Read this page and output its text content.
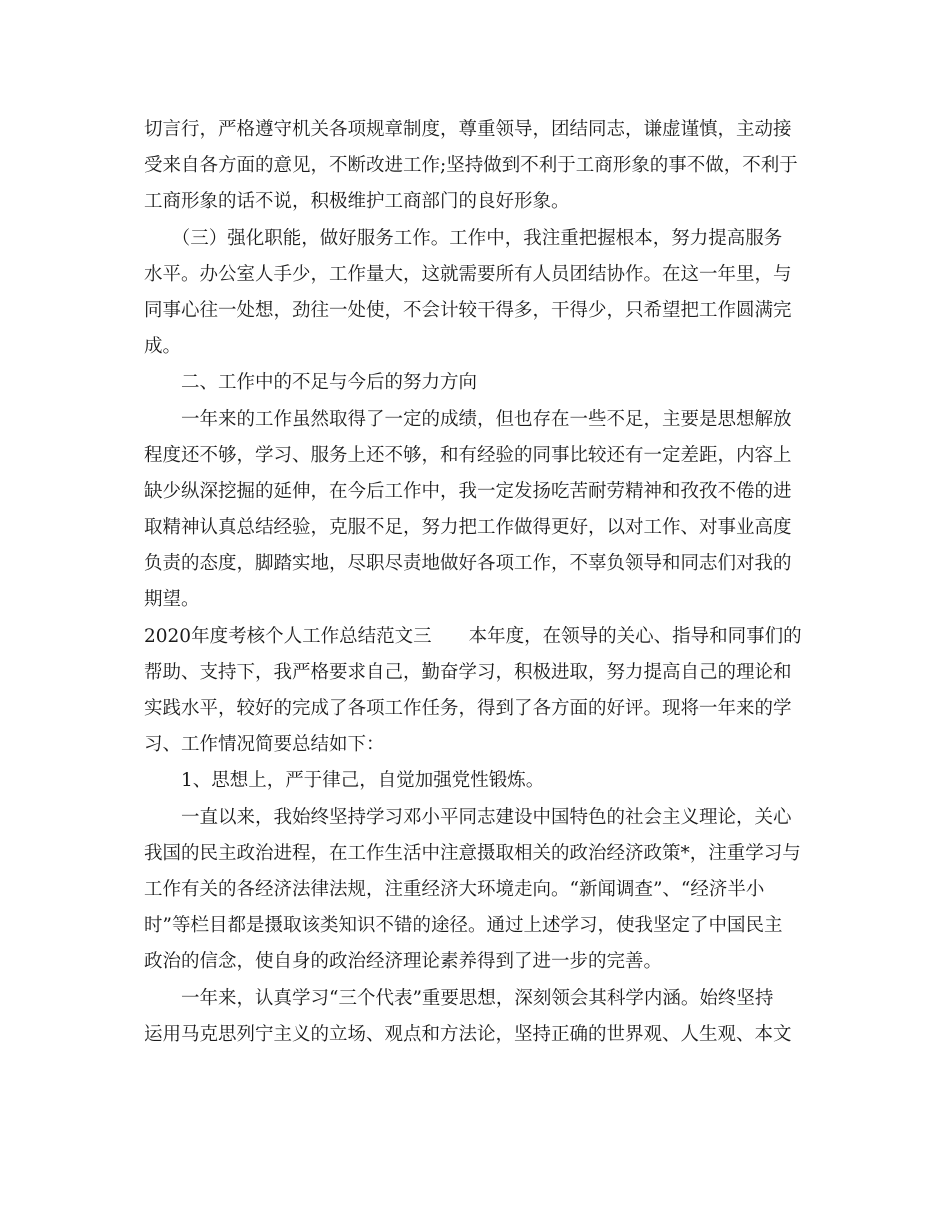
切言行，严格遵守机关各项规章制度，尊重领导，团结同志，谦虚谨慎，主动接
受来自各方面的意见，不断改进工作;坚持做到不利于工商形象的事不做，不利于
工商形象的话不说，积极维护工商部门的良好形象。
　　（三）强化职能，做好服务工作。工作中，我注重把握根本，努力提高服务
水平。办公室人手少，工作量大，这就需要所有人员团结协作。在这一年里，与
同事心往一处想，劲往一处使，不会计较干得多，干得少，只希望把工作圆满完
成。
　　二、工作中的不足与今后的努力方向
　　一年来的工作虽然取得了一定的成绩，但也存在一些不足，主要是思想解放
程度还不够，学习、服务上还不够，和有经验的同事比较还有一定差距，内容上
缺少纵深挖掘的延伸，在今后工作中，我一定发扬吃苦耐劳精神和孜孜不倦的进
取精神认真总结经验，克服不足，努力把工作做得更好，以对工作、对事业高度
负责的态度，脚踏实地，尽职尽责地做好各项工作，不辜负领导和同志们对我的
期望。
2020年度考核个人工作总结范文三　　本年度，在领导的关心、指导和同事们的
帮助、支持下，我严格要求自己，勤奋学习，积极进取，努力提高自己的理论和
实践水平，较好的完成了各项工作任务，得到了各方面的好评。现将一年来的学
习、工作情况简要总结如下：
　　1、思想上，严于律己，自觉加强党性锻炼。
　　一直以来，我始终坚持学习邓小平同志建设中国特色的社会主义理论，关心
我国的民主政治进程，在工作生活中注意摄取相关的政治经济政策*，注重学习与
工作有关的各经济法律法规，注重经济大环境走向。“新闻调查”、“经济半小
时”等栏目都是摄取该类知识不错的途径。通过上述学习，使我坚定了中国民主
政治的信念，使自身的政治经济理论素养得到了进一步的完善。
　　一年来，认真学习“三个代表”重要思想，深刻领会其科学内涵。始终坚持
运用马克思列宁主义的立场、观点和方法论，坚持正确的世界观、人生观、本文
